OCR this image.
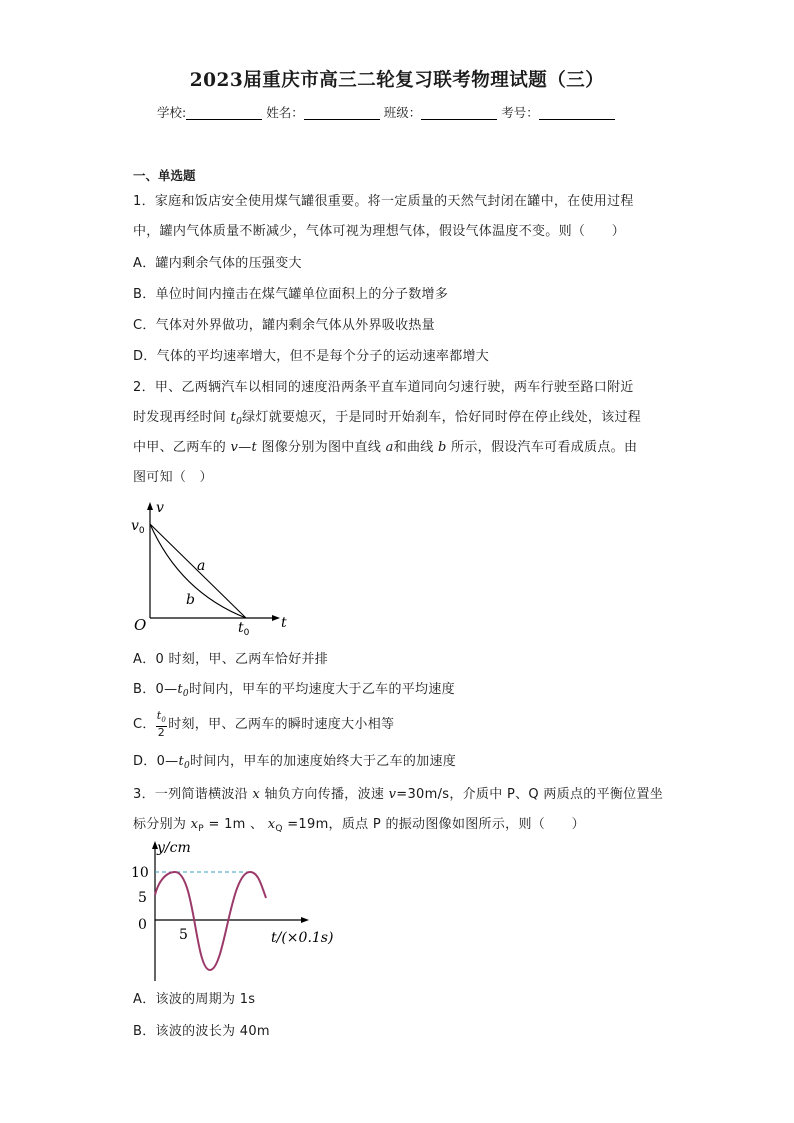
2023届重庆市高三二轮复习联考物理试题（三）
学校:	姓名：	班级：	考号：
一、单选题
1．家庭和饭店安全使用煤气罐很重要。将一定质量的天然气封闭在罐中，在使用过程
中，罐内气体质量不断减少，气体可视为理想气体，假设气体温度不变。则（　　）
A．罐内剩余气体的压强变大
B．单位时间内撞击在煤气罐单位面积上的分子数增多
C．气体对外界做功，罐内剩余气体从外界吸收热量
D．气体的平均速率增大，但不是每个分子的运动速率都增大
2．甲、乙两辆汽车以相同的速度沿两条平直车道同向匀速行驶，两车行驶至路口附近
时发现再经时间 $t_0$绿灯就要熄灭，于是同时开始刹车，恰好同时停在停止线处，该过程
中甲、乙两车的 v—t 图像分别为图中直线 a和曲线 b 所示，假设汽车可看成质点。由
图可知（　）
v
$v_0$
O	$t_0$
t
a
b
A．0 时刻，甲、乙两车恰好并排
B．$0—t_0$时间内，甲车的平均速度大于乙车的平均速度
C． $\frac{t_0}{2}$ 时刻，甲、乙两车的瞬时速度大小相等
D．$0—t_0$时间内，甲车的加速度始终大于乙车的加速度
3．一列简谐横波沿 x 轴负方向传播，波速 v=30m/s，介质中 P、Q 两质点的平衡位置坐
标分别为 $x_P = 1m$ 、 $x_Q =19m$，质点 P 的振动图像如图所示，则（　　）
y/cm
10
5
0
5	t/(×0.1s)
A．该波的周期为 1s
B．该波的波长为 40m
